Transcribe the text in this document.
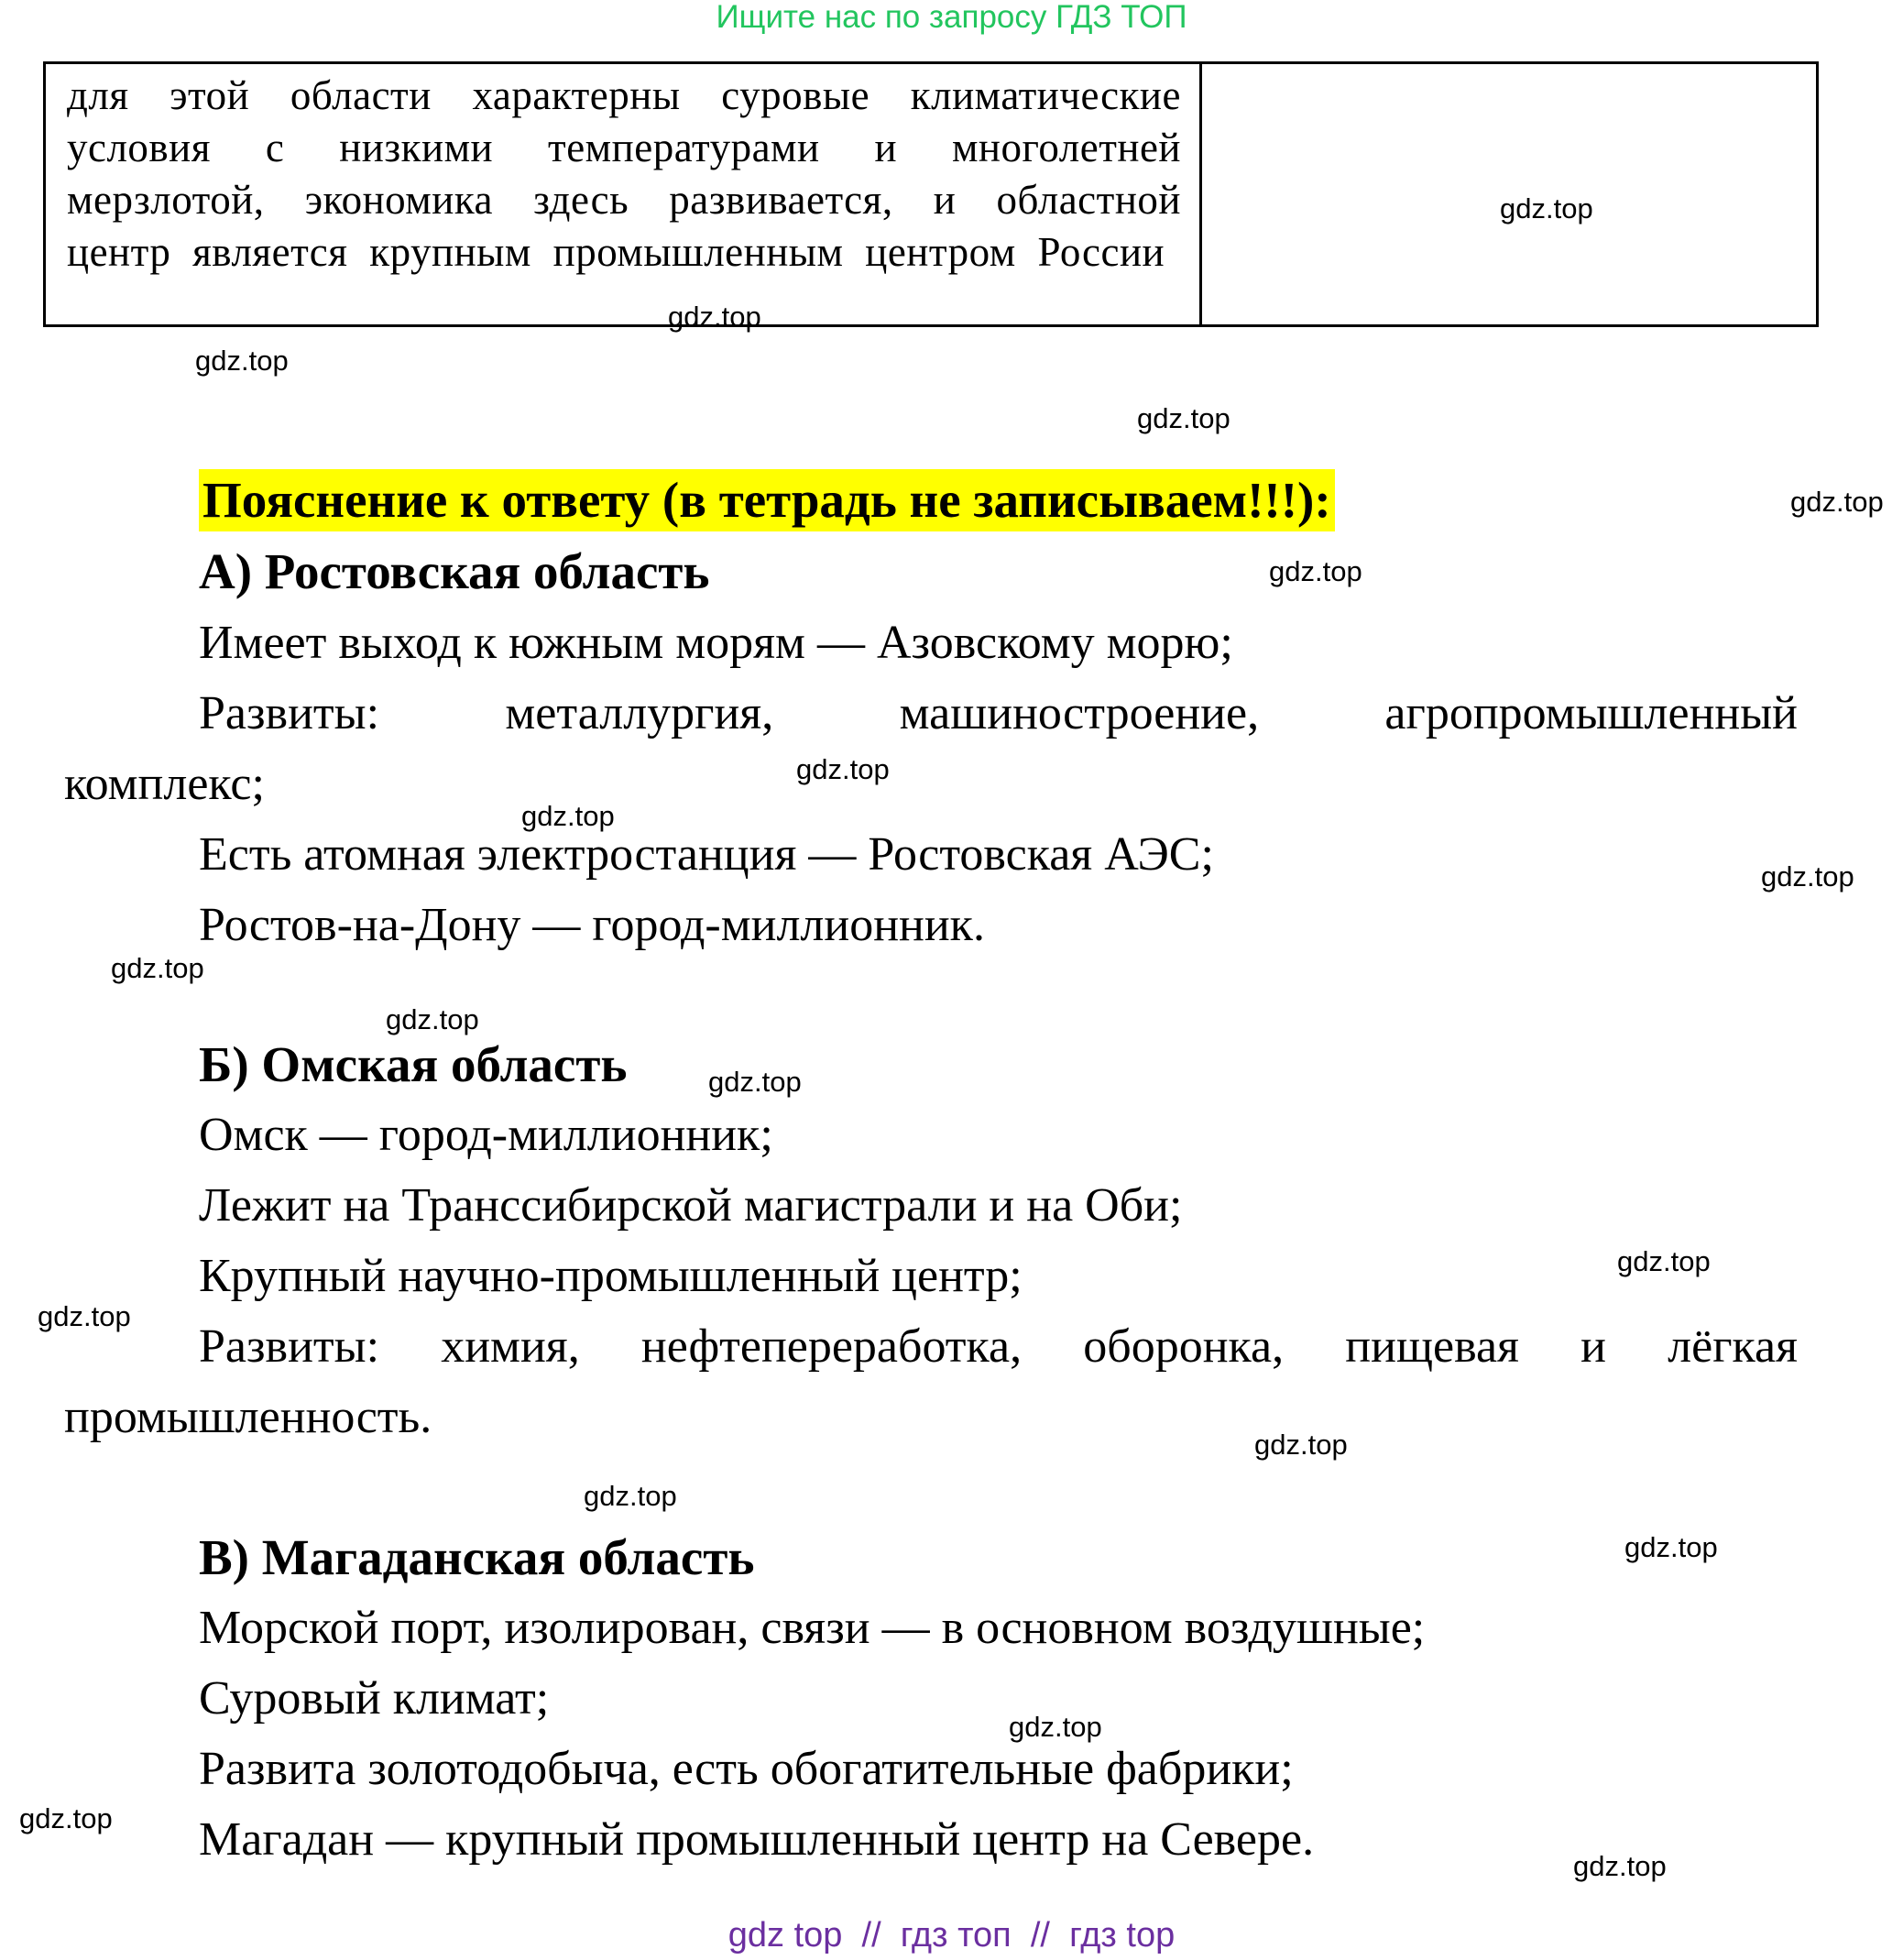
Ищите нас по запросу ГДЗ ТОП
для этой области характерны суровые климатические условия с низкими температурами и многолетней мерзлотой, экономика здесь развивается, и областной центр является крупным промышленным центром России
Пояснение к ответу (в тетрадь не записываем!!!):
А) Ростовская область
Имеет выход к южным морям — Азовскому морю;
Развиты: металлургия, машиностроение, агропромышленный
комплекс;
Есть атомная электростанция — Ростовская АЭС;
Ростов-на-Дону — город-миллионник.
Б) Омская область
Омск — город-миллионник;
Лежит на Транссибирской магистрали и на Оби;
Крупный научно-промышленный центр;
Развиты: химия, нефтепереработка, оборонка, пищевая и лёгкая
промышленность.
В) Магаданская область
Морской порт, изолирован, связи — в основном воздушные;
Суровый климат;
Развита золотодобыча, есть обогатительные фабрики;
Магадан — крупный промышленный центр на Севере.
gdz.top
gdz.top
gdz.top
gdz.top
gdz.top
gdz.top
gdz.top
gdz.top
gdz.top
gdz.top
gdz.top
gdz.top
gdz.top
gdz.top
gdz.top
gdz.top
gdz.top
gdz.top
gdz.top
gdz.top
gdz top  //  гдз топ  //  гдз top
